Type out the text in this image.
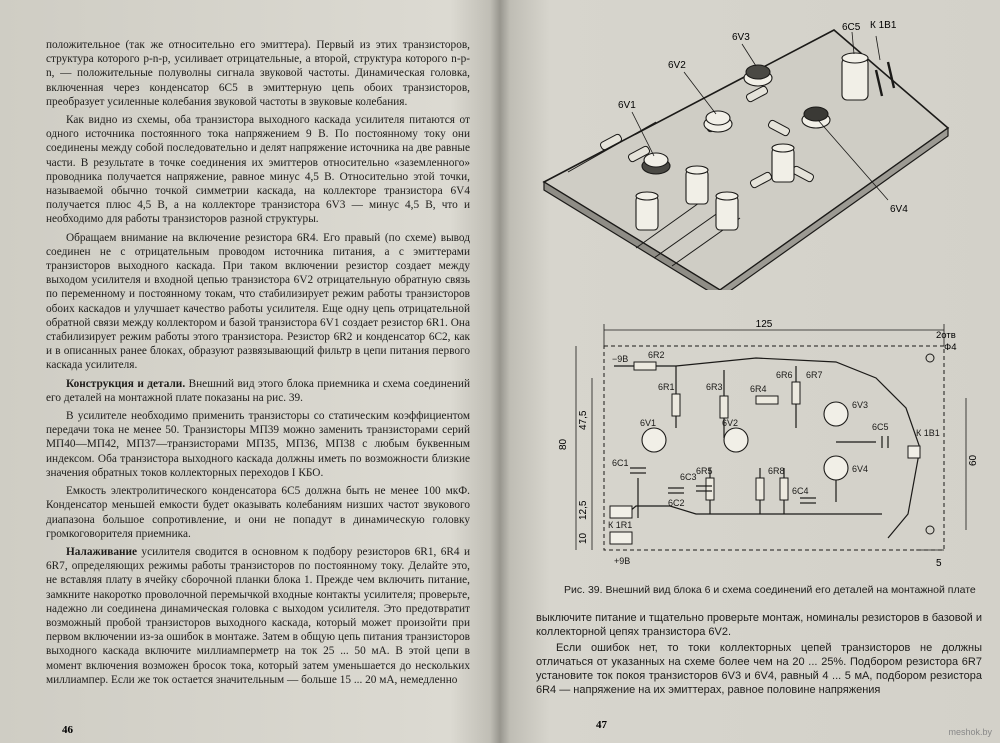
положительное (так же относительно его эмиттера). Первый из этих транзисторов, структура которого p-n-p, усиливает отрицательные, а второй, структура которого n-p-n, — положительные полуволны сигнала звуковой частоты. Динамическая головка, включенная через конденсатор 6C5 в эмиттерную цепь обоих транзисторов, преобразует усиленные колебания звуковой частоты в звуковые колебания.

Как видно из схемы, оба транзистора выходного каскада усилителя питаются от одного источника постоянного тока напряжением 9 В. По постоянному току они соединены между собой последовательно и делят напряжение источника на две равные части. В результате в точке соединения их эмиттеров относительно «заземленного» проводника получается напряжение, равное минус 4,5 В. Относительно этой точки, называемой обычно точкой симметрии каскада, на коллекторе транзистора 6V4 получается плюс 4,5 В, а на коллекторе транзистора 6V3 — минус 4,5 В, что и необходимо для работы транзисторов разной структуры.

Обращаем внимание на включение резистора 6R4. Его правый (по схеме) вывод соединен не с отрицательным проводом источника питания, а с эмиттерами транзисторов выходного каскада. При таком включении резистор создает между выходом усилителя и входной цепью транзистора 6V2 отрицательную обратную связь по переменному и постоянному токам, что стабилизирует режим работы транзисторов обоих каскадов и улучшает качество работы усилителя. Еще одну цепь отрицательной обратной связи между коллектором и базой транзистора 6V1 создает резистор 6R1. Она стабилизирует режим работы этого транзистора. Резистор 6R2 и конденсатор 6C2, как и в описанных ранее блоках, образуют развязывающий фильтр в цепи питания первого каскада усилителя.

Конструкция и детали. Внешний вид этого блока приемника и схема соединений его деталей на монтажной плате показаны на рис. 39.

В усилителе необходимо применить транзисторы со статическим коэффициентом передачи тока не менее 50. Транзисторы МП39 можно заменить транзисторами серий МП40—МП42, МП37—транзисторами МП35, МП36, МП38 с любым буквенным индексом. Оба транзистора выходного каскада должны иметь по возможности близкие значения обратных токов коллекторных переходов I КБО.

Емкость электролитического конденсатора 6C5 должна быть не менее 100 мкФ. Конденсатор меньшей емкости будет оказывать колебаниям низших частот звукового диапазона большое сопротивление, и они не попадут в динамическую головку громкоговорителя приемника.

Налаживание усилителя сводится в основном к подбору резисторов 6R1, 6R4 и 6R7, определяющих режимы работы транзисторов по постоянному току. Делайте это, не вставляя плату в ячейку сборочной планки блока 1. Прежде чем включить питание, замкните накоротко проволочной перемычкой входные контакты усилителя; проверьте, надежно ли соединена динамическая головка с выходом усилителя. Это предотвратит возможный пробой транзисторов выходного каскада, который может произойти при первом включении из-за ошибок в монтаже. Затем в общую цепь питания транзисторов выходного каскада включите миллиамперметр на ток 25 ... 50 мА. В этой цепи в момент включения возможен бросок тока, который затем уменьшается до нескольких миллиампер. Если же ток остается значительным — больше 15 ... 20 мА, немедленно

46
6V1
6V2
6V3
6C5 К 1В1
6V4
125
80
47,5
60
12,5
10
5
2отв
Ф4
−9В
+9В
6R2
6R1	6R3	6R4
6R6 6R7
6R5	6R8
6C1
6C2
6C3
6C4
6C5
6V1	6V2
6V3
6V4
К 1R1
К 1В1
Рис. 39. Внешний вид блока 6 и схема соединений его деталей на монтажной плате

выключите питание и тщательно проверьте монтаж, номиналы резисторов в базовой и коллекторной цепях транзистора 6V2.

Если ошибок нет, то токи коллекторных цепей транзисторов не должны отличаться от указанных на схеме более чем на 20 ... 25%. Подбором резистора 6R7 установите ток покоя транзисторов 6V3 и 6V4, равный 4 ... 5 мА, подбором резистора 6R4 — напряжение на их эмиттерах, равное половине напряжения

47
meshok.by
